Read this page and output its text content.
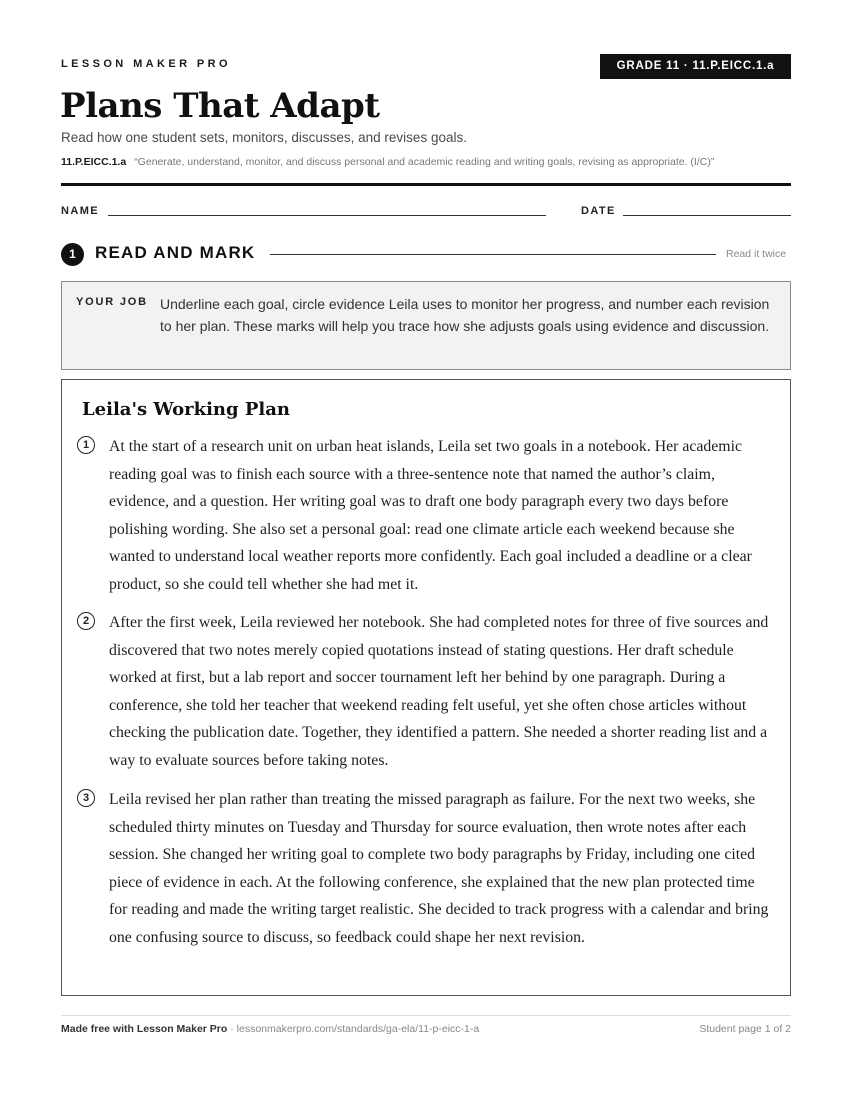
LESSON MAKER PRO	GRADE 11 · 11.P.EICC.1.a
Plans That Adapt
Read how one student sets, monitors, discusses, and revises goals.
11.P.EICC.1.a “Generate, understand, monitor, and discuss personal and academic reading and writing goals, revising as appropriate. (I/C)”
NAME	DATE
1	READ AND MARK	Read it twice
YOUR JOB Underline each goal, circle evidence Leila uses to monitor her progress, and number each revision to her plan. These marks will help you trace how she adjusts goals using evidence and discussion.
Leila's Working Plan
1	At the start of a research unit on urban heat islands, Leila set two goals in a notebook. Her academic reading goal was to finish each source with a three-sentence note that named the author’s claim, evidence, and a question. Her writing goal was to draft one body paragraph every two days before polishing wording. She also set a personal goal: read one climate article each weekend because she wanted to understand local weather reports more confidently. Each goal included a deadline or a clear product, so she could tell whether she had met it.

2	After the first week, Leila reviewed her notebook. She had completed notes for three of five sources and discovered that two notes merely copied quotations instead of stating questions. Her draft schedule worked at first, but a lab report and soccer tournament left her behind by one paragraph. During a conference, she told her teacher that weekend reading felt useful, yet she often chose articles without checking the publication date. Together, they identified a pattern. She needed a shorter reading list and a way to evaluate sources before taking notes.

3	Leila revised her plan rather than treating the missed paragraph as failure. For the next two weeks, she scheduled thirty minutes on Tuesday and Thursday for source evaluation, then wrote notes after each session. She changed her writing goal to complete two body paragraphs by Friday, including one cited piece of evidence in each. At the following conference, she explained that the new plan protected time for reading and made the writing target realistic. She decided to track progress with a calendar and bring one confusing source to discuss, so feedback could shape her next revision.

Made free with Lesson Maker Pro · lessonmakerpro.com/standards/ga-ela/11-p-eicc-1-a	Student page 1 of 2
